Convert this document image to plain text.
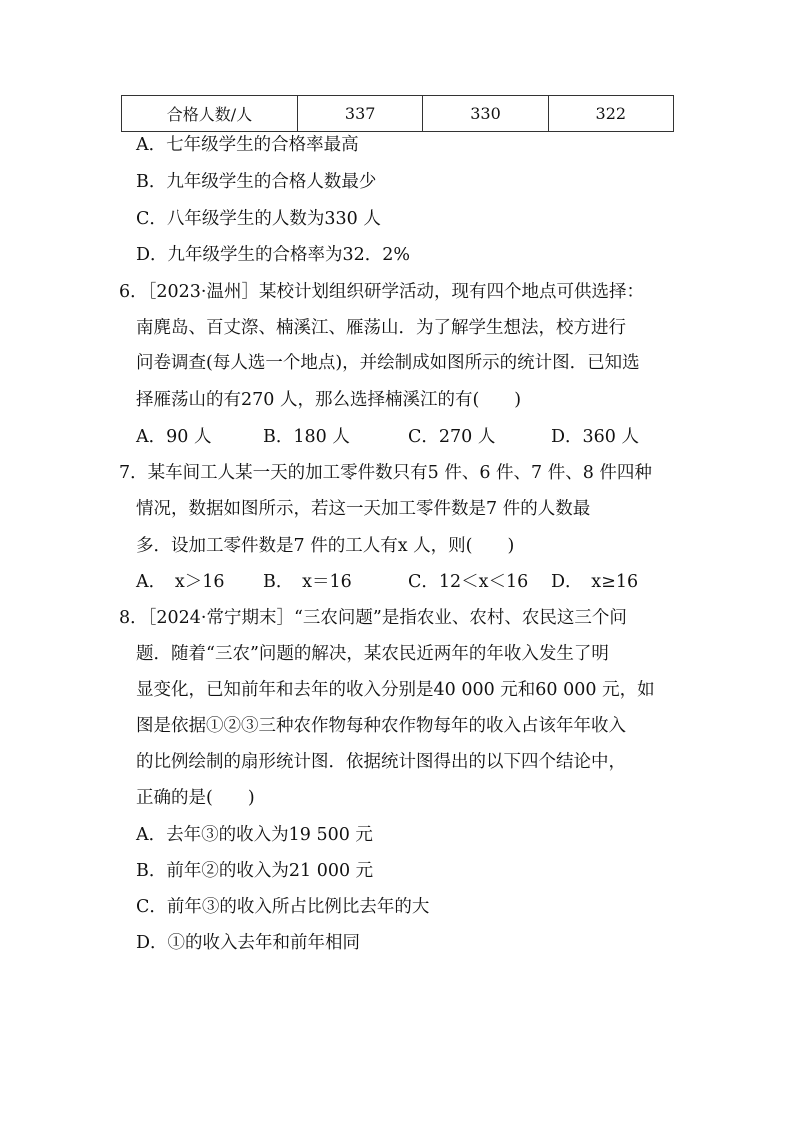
合格人数/人	337	330	322
A．七年级学生的合格率最高
B．九年级学生的合格人数最少
C．八年级学生的人数为330 人
D．九年级学生的合格率为32．2%
6．［2023·温州］某校计划组织研学活动，现有四个地点可供选择：
南麂岛、百丈漈、楠溪江、雁荡山．为了解学生想法，校方进行
问卷调查(每人选一个地点)，并绘制成如图所示的统计图．已知选
择雁荡山的有270 人，那么选择楠溪江的有(　　)
A．90 人	B．180 人	C．270 人	D．360 人
7．某车间工人某一天的加工零件数只有5 件、6 件、7 件、8 件四种
情况，数据如图所示，若这一天加工零件数是7 件的人数最
多．设加工零件数是7 件的工人有x 人，则(　　)
A．　x＞16 B．　x＝16	C．12＜x＜16 D．　x≥16
8．［2024·常宁期末］“三农问题”是指农业、农村、农民这三个问
题．随着“三农”问题的解决，某农民近两年的年收入发生了明
显变化，已知前年和去年的收入分别是40 000 元和60 000 元，如
图是依据①②③三种农作物每种农作物每年的收入占该年年收入
的比例绘制的扇形统计图．依据统计图得出的以下四个结论中，
正确的是(　　)
A．去年③的收入为19 500 元
B．前年②的收入为21 000 元
C．前年③的收入所占比例比去年的大
D．①的收入去年和前年相同
